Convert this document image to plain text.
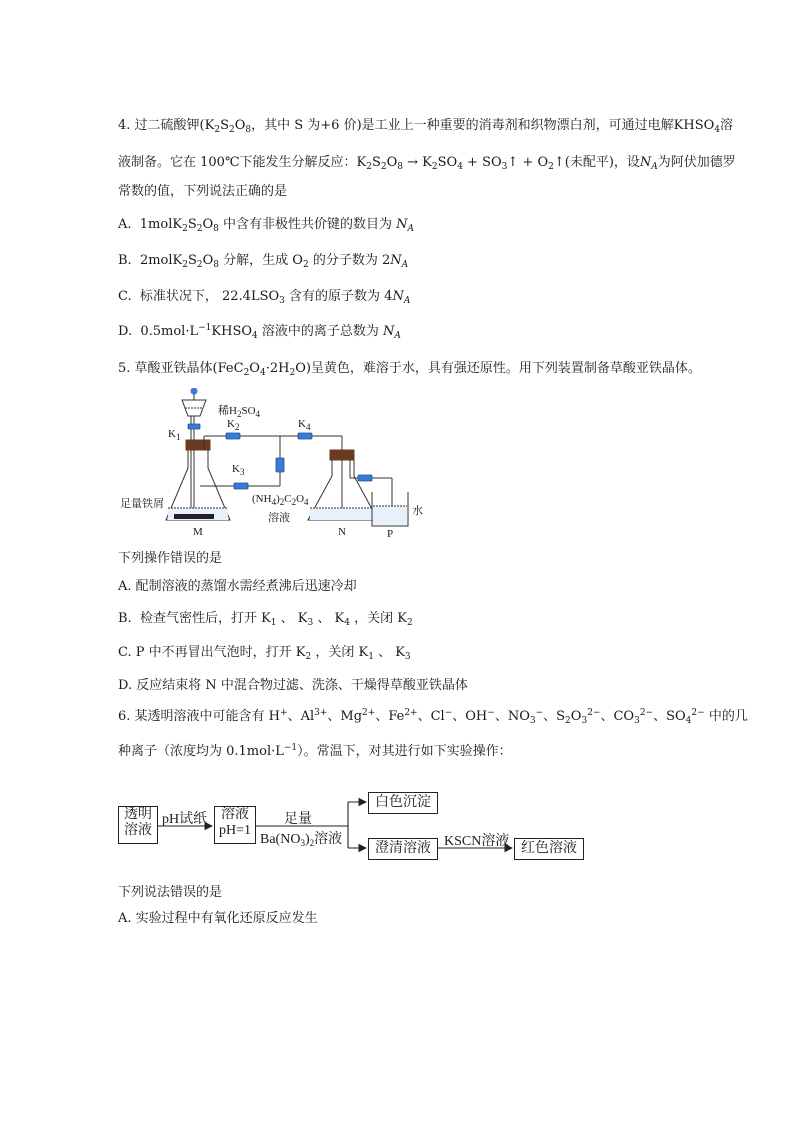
4. 过二硫酸钾($K_2S_2O_8$，其中 S 为+6 价)是工业上一种重要的消毒剂和织物漂白剂，可通过电解$KHSO_4$溶
液制备。它在 100℃下能发生分解反应：$K_2S_2O_8 \to K_2SO_4$ + $SO_3↑$ + $O_2↑$(未配平)，设$N_A$为阿伏加德罗
常数的值，下列说法正确的是
A.  $1molK_2S_2O_8$ 中含有非极性共价键的数目为 $N_A$
B.  $2molK_2S_2O_8$ 分解，生成 $O_2$ 的分子数为 $2N_A$
C.  标准状况下， $22.4LSO_3$ 含有的原子数为 $4N_A$
D.  $0.5mol\cdot L^{-1}KHSO_4$ 溶液中的离子总数为 $N_A$
5. 草酸亚铁晶体$(FeC_2O_4\cdot 2H_2O)$呈黄色，难溶于水，具有强还原性。用下列装置制备草酸亚铁晶体。
稀$H_2SO_4$
$K_1$
$K_2$	$K_4$
$K_3$
足量铁屑	$(NH_4)_2C_2O_4$
溶液
水
M	N	P
下列操作错误的是
A. 配制溶液的蒸馏水需经煮沸后迅速冷却
B.  检查气密性后，打开 $K_1$ 、 $K_3$ 、 $K_4$ ，关闭 $K_2$
C. P 中不再冒出气泡时，打开 $K_2$ ，关闭 $K_1$ 、 $K_3$
D. 反应结束将 N 中混合物过滤、洗涤、干燥得草酸亚铁晶体
6. 某透明溶液中可能含有 H+、$Al^{3+}$、$Mg^{2+}$、$Fe^{2+}$、Cl−、OH−、$NO_3^-$、$S_2O_3^{2-}$、$CO_3^{2-}$、$SO_4^{2-}$ 中的几
种离子（浓度均为 $0.1mol\cdot L^{-1}$）。常温下，对其进行如下实验操作：
透明
溶液
pH试纸 溶液
pH=1
足量
$Ba(NO_3)_2$溶液
白色沉淀
澄清溶液 KSCN溶液 红色溶液
下列说法错误的是
A. 实验过程中有氧化还原反应发生
